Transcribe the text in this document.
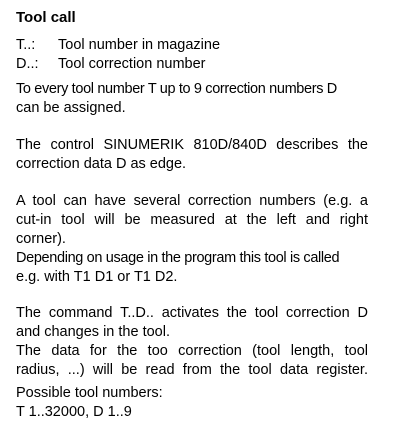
Tool call
T..: Tool number in magazine
D..: Tool correction number
To every tool number T up to 9 correction numbers D
can be assigned.
The control SINUMERIK 810D/840D describes the
correction data D as edge.
A tool can have several correction numbers (e.g. a
cut-in tool will be measured at the left and right
corner).
Depending on usage in the program this tool is called
e.g. with T1 D1 or T1 D2.
The command T..D.. activates the tool correction D
and changes in the tool.
The data for the too correction (tool length, tool
radius, ...) will be read from the tool data register.
Possible tool numbers:
T 1..32000, D 1..9
